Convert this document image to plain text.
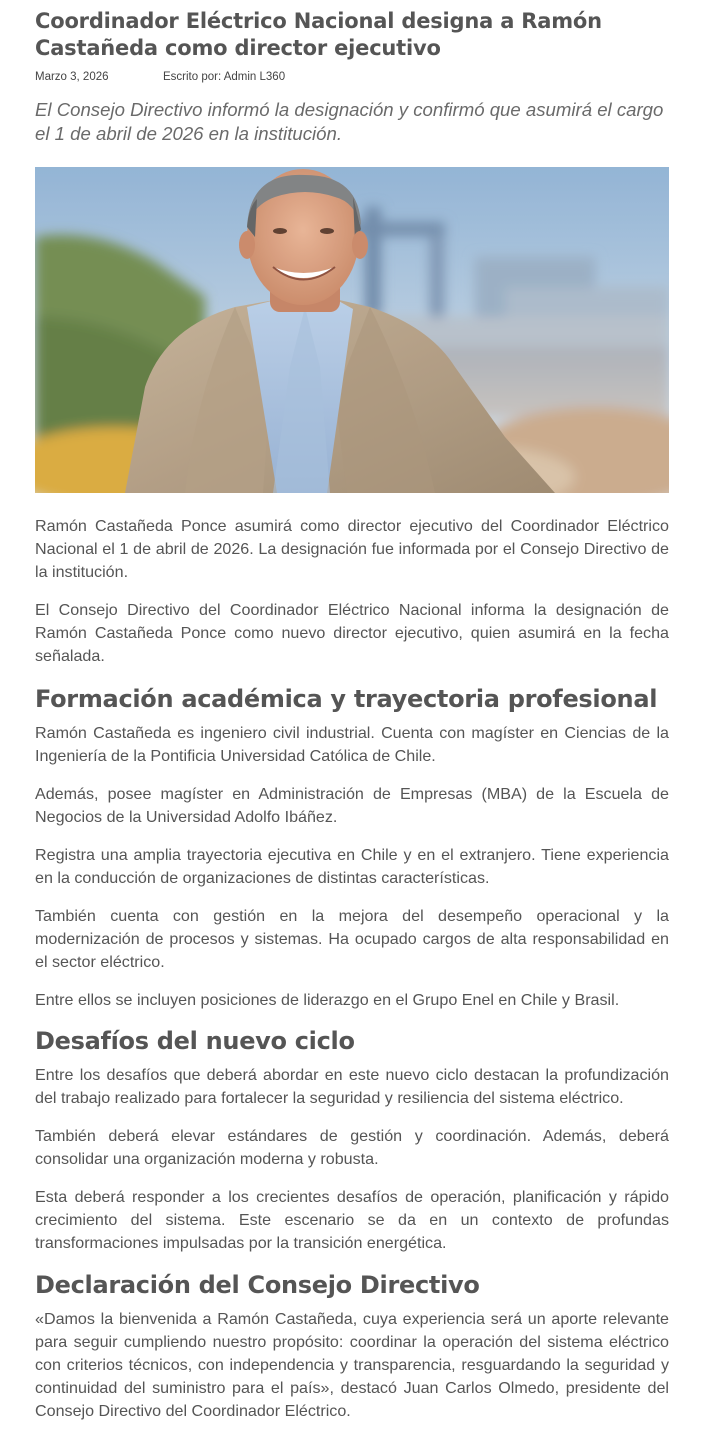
Coordinador Eléctrico Nacional designa a Ramón Castañeda como director ejecutivo
Marzo 3, 2026	Escrito por: Admin L360

El Consejo Directivo informó la designación y confirmó que asumirá el cargo el 1 de abril de 2026 en la institución.

Ramón Castañeda Ponce asumirá como director ejecutivo del Coordinador Eléctrico Nacional el 1 de abril de 2026. La designación fue informada por el Consejo Directivo de la institución.

El Consejo Directivo del Coordinador Eléctrico Nacional informa la designación de Ramón Castañeda Ponce como nuevo director ejecutivo, quien asumirá en la fecha señalada.

Formación académica y trayectoria profesional

Ramón Castañeda es ingeniero civil industrial. Cuenta con magíster en Ciencias de la Ingeniería de la Pontificia Universidad Católica de Chile.

Además, posee magíster en Administración de Empresas (MBA) de la Escuela de Negocios de la Universidad Adolfo Ibáñez.

Registra una amplia trayectoria ejecutiva en Chile y en el extranjero. Tiene experiencia en la conducción de organizaciones de distintas características.

También cuenta con gestión en la mejora del desempeño operacional y la modernización de procesos y sistemas. Ha ocupado cargos de alta responsabilidad en el sector eléctrico.

Entre ellos se incluyen posiciones de liderazgo en el Grupo Enel en Chile y Brasil.

Desafíos del nuevo ciclo

Entre los desafíos que deberá abordar en este nuevo ciclo destacan la profundización del trabajo realizado para fortalecer la seguridad y resiliencia del sistema eléctrico.

También deberá elevar estándares de gestión y coordinación. Además, deberá consolidar una organización moderna y robusta.

Esta deberá responder a los crecientes desafíos de operación, planificación y rápido crecimiento del sistema. Este escenario se da en un contexto de profundas transformaciones impulsadas por la transición energética.

Declaración del Consejo Directivo

«Damos la bienvenida a Ramón Castañeda, cuya experiencia será un aporte relevante para seguir cumpliendo nuestro propósito: coordinar la operación del sistema eléctrico con criterios técnicos, con independencia y transparencia, resguardando la seguridad y continuidad del suministro para el país», destacó Juan Carlos Olmedo, presidente del Consejo Directivo del Coordinador Eléctrico.
